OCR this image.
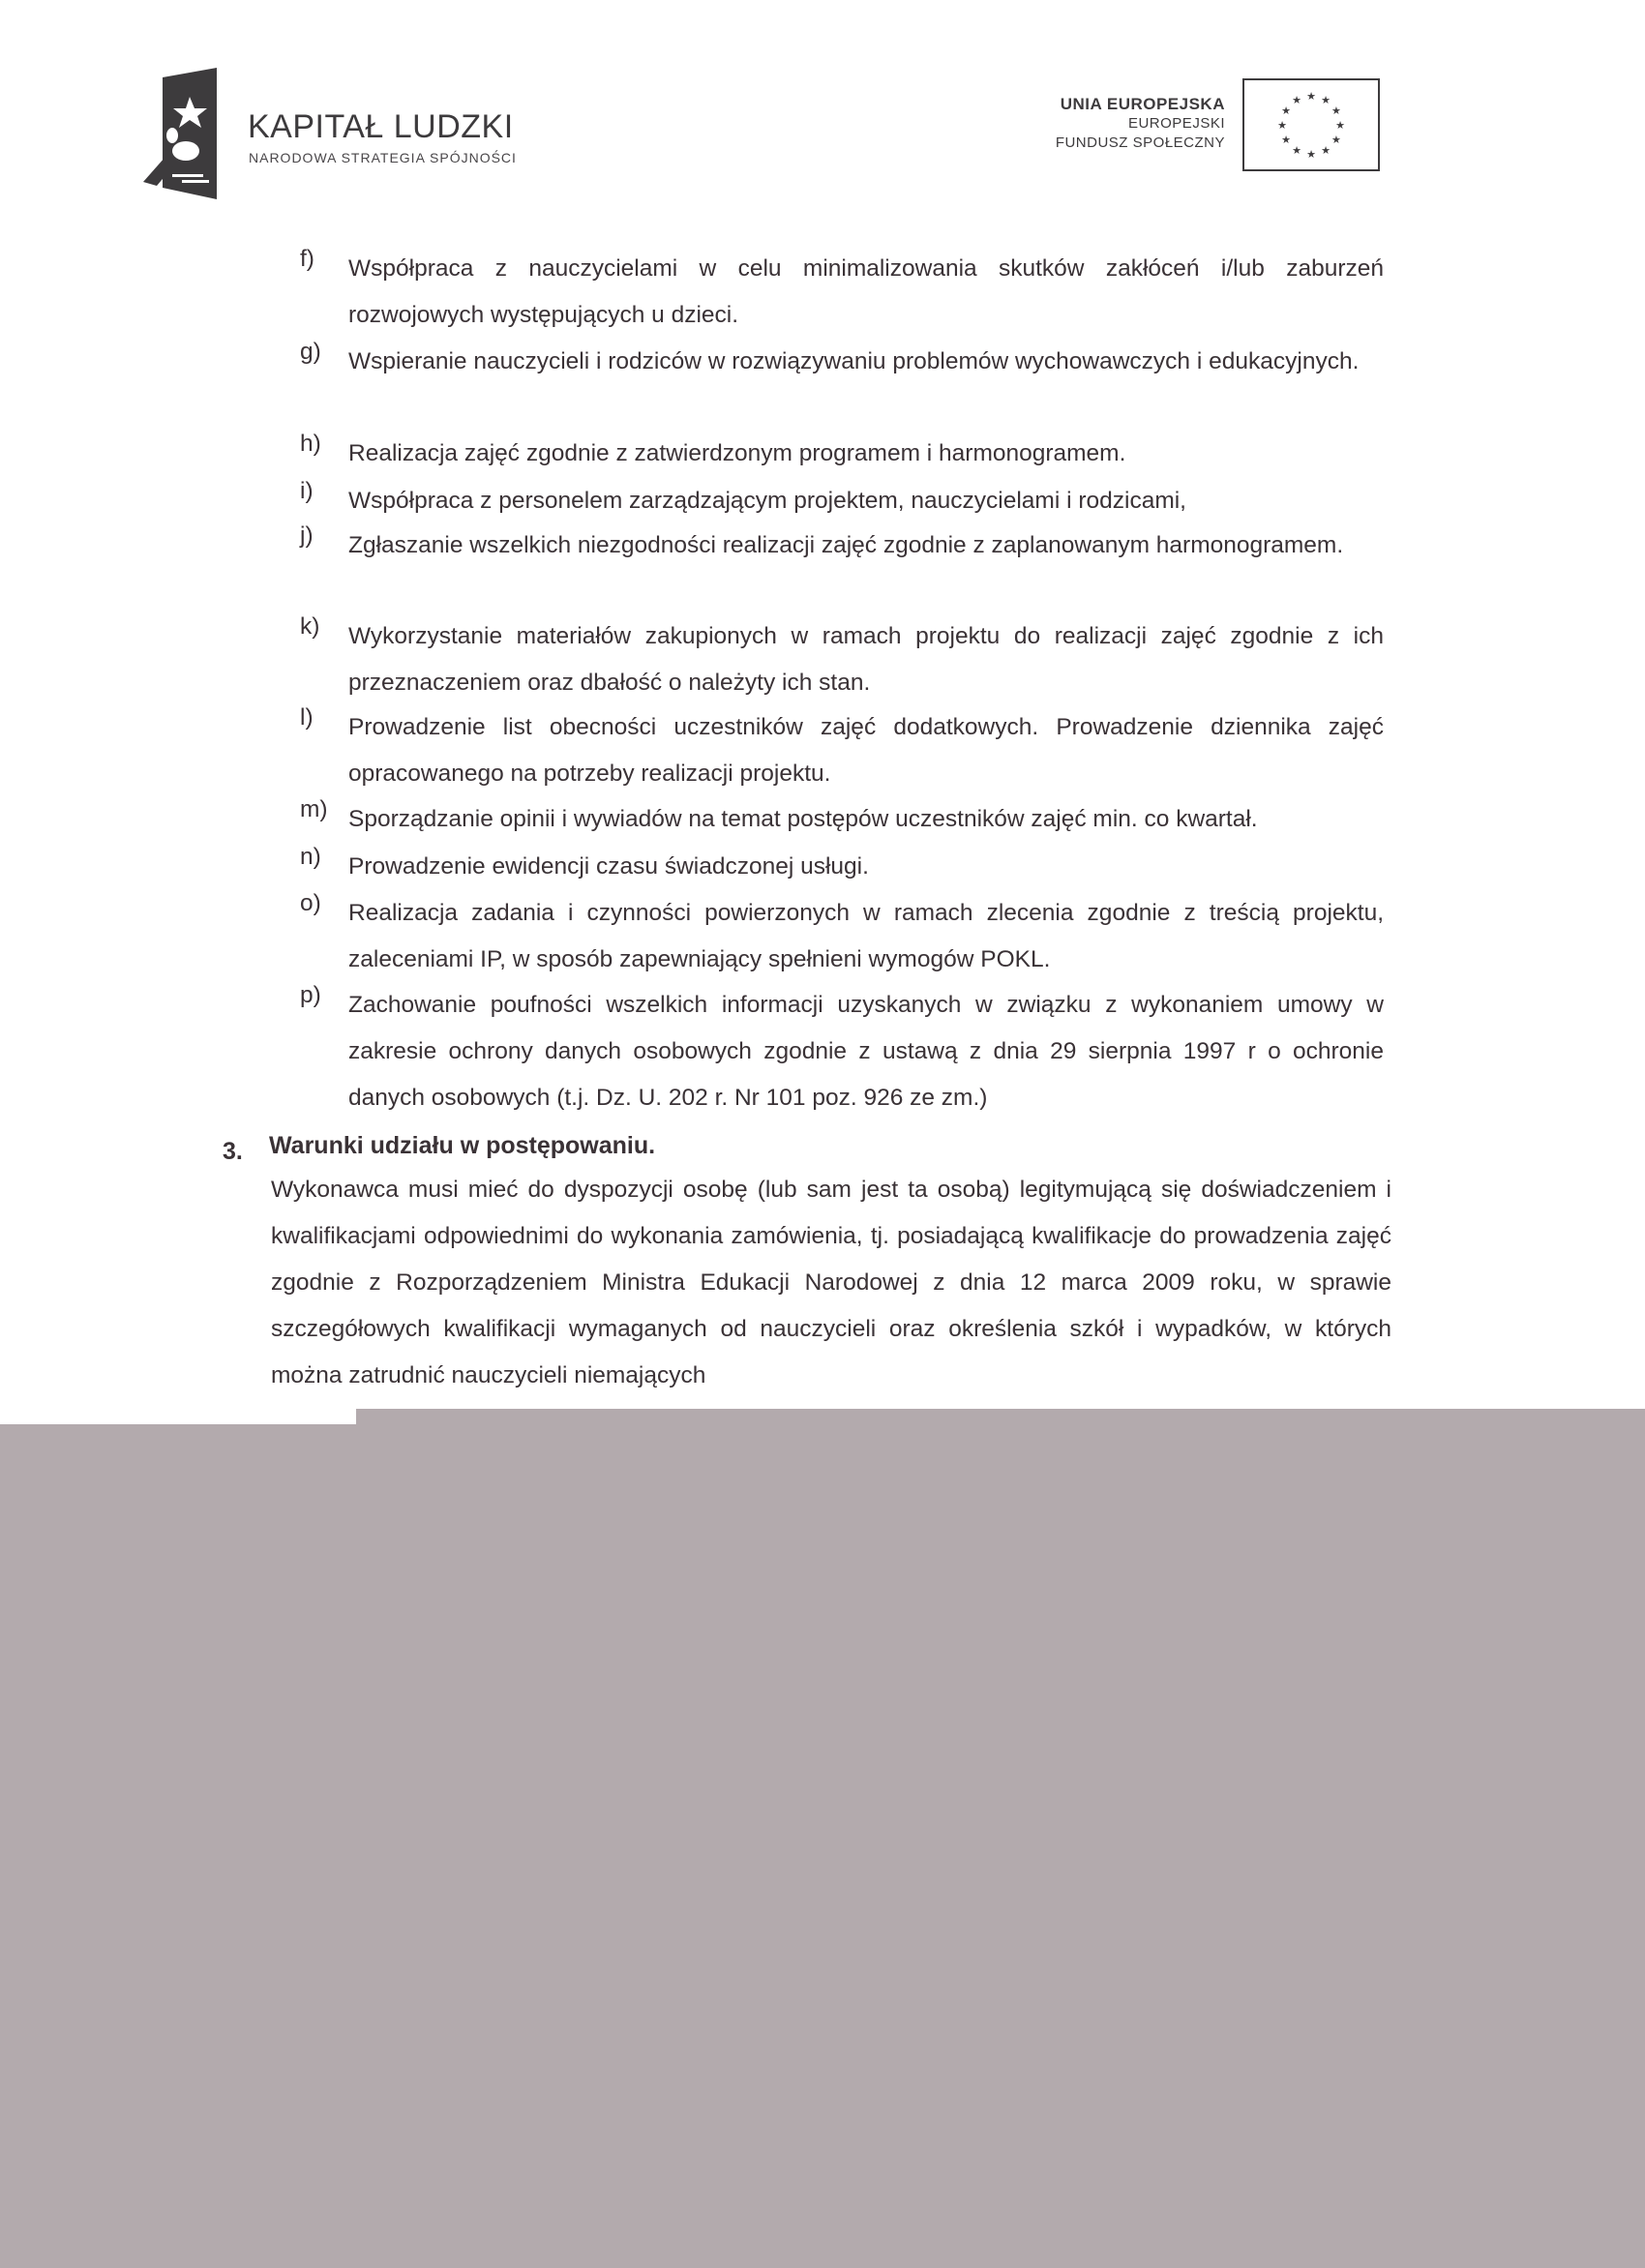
KAPITAŁ LUDZKI
NARODOWA STRATEGIA SPÓJNOŚCI
UNIA EUROPEJSKA
EUROPEJSKI
FUNDUSZ SPOŁECZNY
★ ★
★
★
★
★
★
★
★
★
★
★
f) Współpraca z nauczycielami w celu minimalizowania skutków zakłóceń i/lub zaburzeń rozwojowych występujących u dzieci.
g) Wspieranie nauczycieli i rodziców w rozwiązywaniu problemów wychowawczych i edukacyjnych.
h) Realizacja zajęć zgodnie z zatwierdzonym programem i harmonogramem.
i) Współpraca z personelem zarządzającym projektem, nauczycielami i rodzicami,
j) Zgłaszanie wszelkich niezgodności realizacji zajęć zgodnie z zaplanowanym harmonogramem.
k) Wykorzystanie materiałów zakupionych w ramach projektu do realizacji zajęć zgodnie z ich przeznaczeniem oraz dbałość o należyty ich stan.
l) Prowadzenie list obecności uczestników zajęć dodatkowych. Prowadzenie dziennika zajęć opracowanego na potrzeby realizacji projektu.
m) Sporządzanie opinii i wywiadów na temat postępów uczestników zajęć min. co kwartał.
n) Prowadzenie ewidencji czasu świadczonej usługi.
o) Realizacja zadania i czynności powierzonych w ramach zlecenia zgodnie z treścią projektu, zaleceniami IP, w sposób zapewniający spełnieni wymogów POKL.
p) Zachowanie poufności wszelkich informacji uzyskanych w związku z wykonaniem umowy w zakresie ochrony danych osobowych zgodnie z ustawą z dnia 29 sierpnia 1997 r o ochronie danych osobowych (t.j. Dz. U. 202 r. Nr 101 poz. 926 ze zm.)
3. Warunki udziału w postępowaniu.
Wykonawca musi mieć do dyspozycji osobę (lub sam jest ta osobą) legitymującą się doświadczeniem i kwalifikacjami odpowiednimi do wykonania zamówienia, tj. posiadającą kwalifikacje do prowadzenia zajęć zgodnie z Rozporządzeniem Ministra Edukacji Narodowej z dnia 12 marca 2009 roku, w sprawie szczegółowych kwalifikacji wymaganych od nauczycieli oraz określenia szkół i wypadków, w których można zatrudnić nauczycieli niemających
